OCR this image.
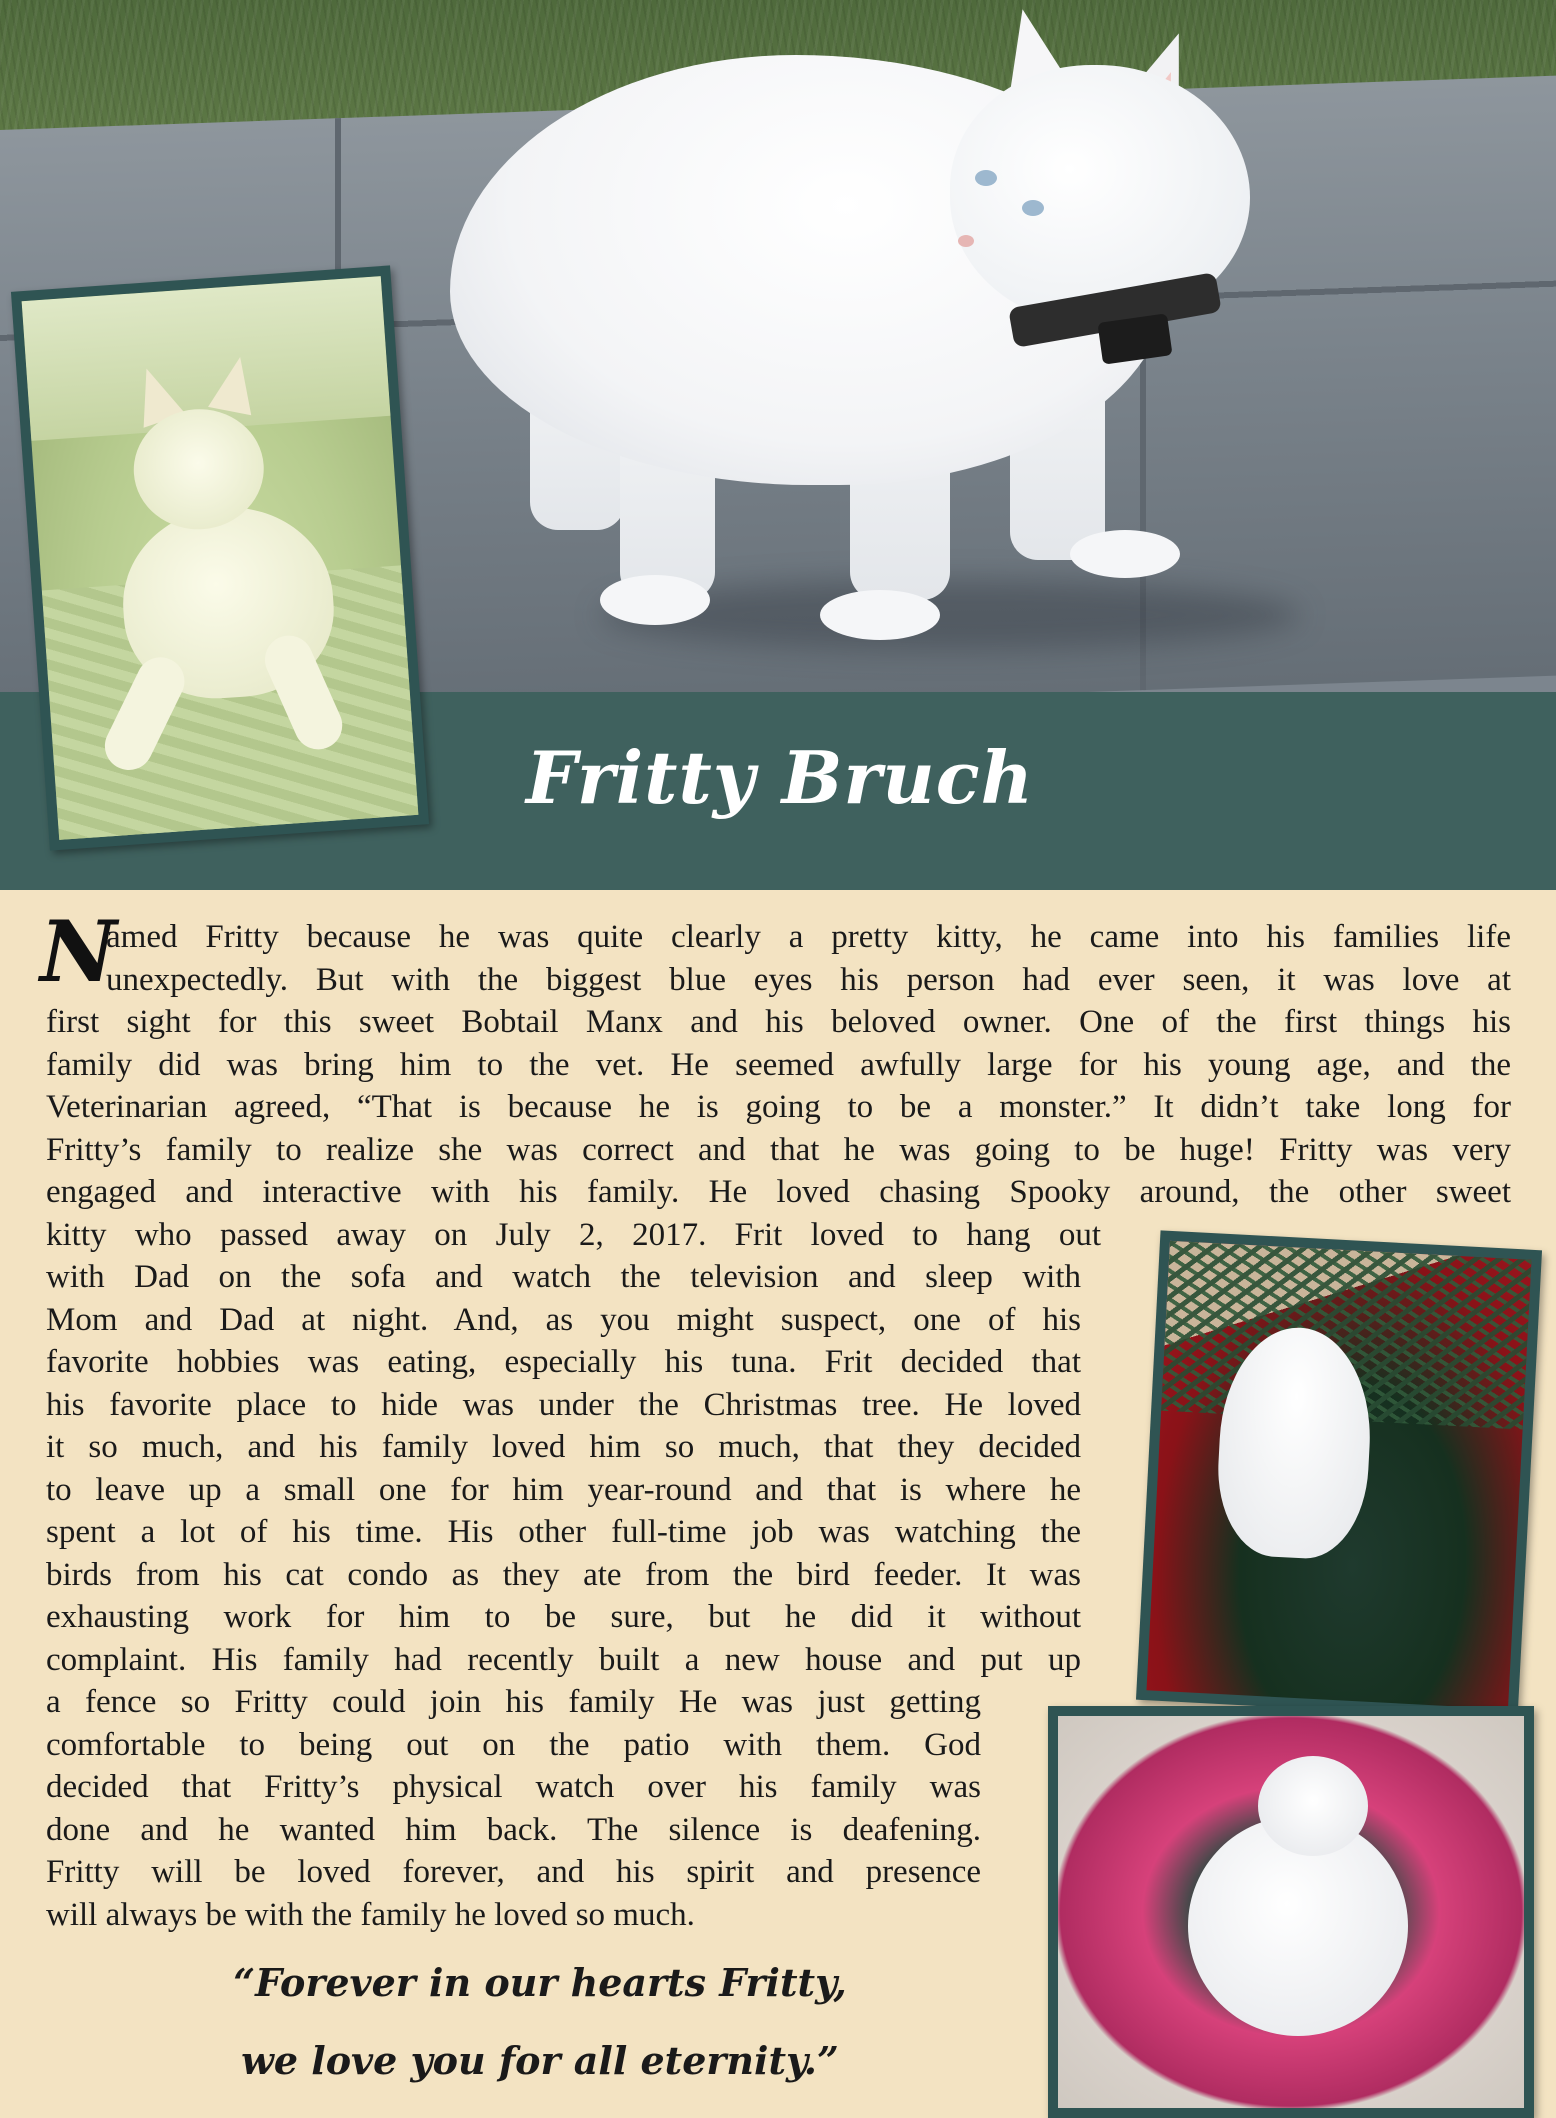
Fritty Bruch
N
amed Fritty because he was quite clearly a pretty kitty, he came into his families life
unexpectedly. But with the biggest blue eyes his person had ever seen, it was love at
first sight for this sweet Bobtail Manx and his beloved owner. One of the first things his
family did was bring him to the vet. He seemed awfully large for his young age, and the
Veterinarian agreed, “That is because he is going to be a monster.” It didn’t take long for
Fritty’s family to realize she was correct and that he was going to be huge! Fritty was very
engaged and interactive with his family. He loved chasing Spooky around, the other sweet
kitty who passed away on July 2, 2017. Frit loved to hang out
with Dad on the sofa and watch the television and sleep with
Mom and Dad at night. And, as you might suspect, one of his
favorite hobbies was eating, especially his tuna. Frit decided that
his favorite place to hide was under the Christmas tree. He loved
it so much, and his family loved him so much, that they decided
to leave up a small one for him year-round and that is where he
spent a lot of his time. His other full-time job was watching the
birds from his cat condo as they ate from the bird feeder. It was
exhausting work for him to be sure, but he did it without
complaint. His family had recently built a new house and put up
a fence so Fritty could join his family He was just getting
comfortable to being out on the patio with them. God
decided that Fritty’s physical watch over his family was
done and he wanted him back. The silence is deafening.
Fritty will be loved forever, and his spirit and presence
will always be with the family he loved so much.
“Forever in our hearts Fritty,
we love you for all eternity.”
